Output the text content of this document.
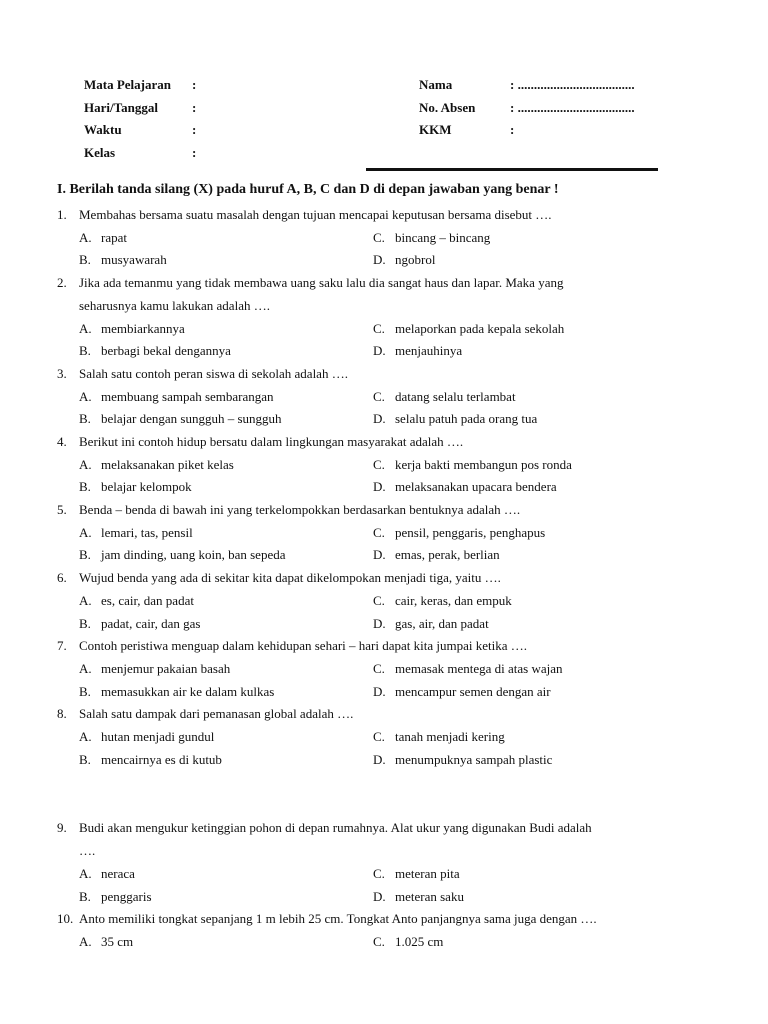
Mata Pelajaran :	Nama	: ....................................
Hari/Tanggal	:	No. Absen	: ....................................
Waktu	:	KKM	:
Kelas	:
I. Berilah tanda silang (X) pada huruf A, B, C dan D di depan jawaban yang benar !
1. Membahas bersama suatu masalah dengan tujuan mencapai keputusan bersama disebut ….
A. rapat	C. bincang – bincang
B. musyawarah	D. ngobrol
2. Jika ada temanmu yang tidak membawa uang saku lalu dia sangat haus dan lapar. Maka yang
seharusnya kamu lakukan adalah ….
A. membiarkannya	C. melaporkan pada kepala sekolah
B. berbagi bekal dengannya	D. menjauhinya
3. Salah satu contoh peran siswa di sekolah adalah ….
A. membuang sampah sembarangan	C. datang selalu terlambat
B. belajar dengan sungguh – sungguh	D. selalu patuh pada orang tua
4. Berikut ini contoh hidup bersatu dalam lingkungan masyarakat adalah ….
A. melaksanakan piket kelas	C. kerja bakti membangun pos ronda
B. belajar kelompok	D. melaksanakan upacara bendera
5. Benda – benda di bawah ini yang terkelompokkan berdasarkan bentuknya adalah ….
A. lemari, tas, pensil	C. pensil, penggaris, penghapus
B. jam dinding, uang koin, ban sepeda	D. emas, perak, berlian
6. Wujud benda yang ada di sekitar kita dapat dikelompokan menjadi tiga, yaitu ….
A. es, cair, dan padat	C. cair, keras, dan empuk
B. padat, cair, dan gas	D. gas, air, dan padat
7. Contoh peristiwa menguap dalam kehidupan sehari – hari dapat kita jumpai ketika ….
A. menjemur pakaian basah	C. memasak mentega di atas wajan
B. memasukkan air ke dalam kulkas	D. mencampur semen dengan air
8. Salah satu dampak dari pemanasan global adalah ….
A. hutan menjadi gundul	C. tanah menjadi kering
B. mencairnya es di kutub	D. menumpuknya sampah plastic
9. Budi akan mengukur ketinggian pohon di depan rumahnya. Alat ukur yang digunakan Budi adalah
….
A. neraca	C. meteran pita
B. penggaris	D. meteran saku
10. Anto memiliki tongkat sepanjang 1 m lebih 25 cm. Tongkat Anto panjangnya sama juga dengan ….
A. 35 cm	C. 1.025 cm
